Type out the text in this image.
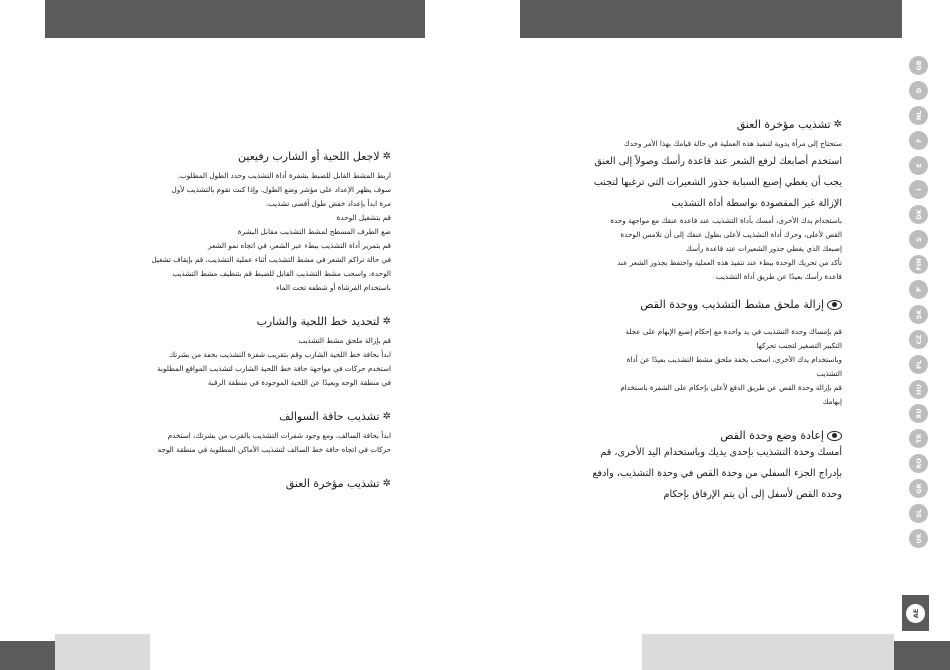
✲
لاجعل اللحية أو الشارب رفيعين

اربط المشط القابل للضبط بشفرة أداة التشذيب وحدد الطول المطلوب.

سوف يظهر الإعداد على مؤشر وضع الطول. وإذا كنت تقوم بالتشذيب لأول

مرة ابدأ بإعداد خفض طول أقصى تشذيب.

قم بتشغيل الوحدة

ضع الطرف المسطح لمشط التشذيب مقابل البشرة

قم بتمرير أداة التشذيب ببطء عبر الشعر، في اتجاه نمو الشعر

في حالة تراكم الشعر في مشط التشذيب أثناء عملية التشذيب، قم بإيقاف تشغيل

الوحدة، واسحب مشط التشذيب القابل للضبط قم بتنظيف مشط التشذيب

باستخدام الفرشاة أو شطفه تحت الماء

✲
لتحديد خط اللحية والشارب

قم بإزالة ملحق مشط التشذيب

ابدأ بحافة خط اللحية الشارب وقم بتقريب شفرة التشذيب بخفة من بشرتك

استخدم حركات في مواجهة حافة خط اللحية الشارب لتشذيب المواقع المطلوبة

في منطقة الوجه وبعيدًا عن اللحية الموجودة في منطقة الرقبة

✲
تشذيب حافة السوالف

ابدأ بحافة السالف، ومع وجود شفرات التشذيب بالقرب من بشرتك، استخدم

حركات في اتجاه حافة خط السالف لتشذيب الأماكن المطلوبة في منطقة الوجه

✲
تشذيب مؤخرة العنق
✲
تشذيب مؤخرة العنق

ستحتاج إلى مرآة يدوية لتنفيذ هذه العملية في حالة قيامك بهذا الأمر وحدك

استخدم أصابعك لرفع الشعر عند قاعدة رأسك وصولاً إلى العنق

يجب أن يغطي إصبع السبابة جذور الشعيرات التي ترغبها لتجنب

الإزالة غير المقصودة بواسطة أداة التشذيب

باستخدام يدك الأخرى، أمسك بأداة التشذيب عند قاعدة عنقك مع مواجهة وحدة

القص لأعلى، وحرك أداة التشذيب لأعلى بطول عنقك إلى أن تلامس الوحدة

إصبعك الذي يغطي جذور الشعيرات عند قاعدة رأسك

تأكد من تحريك الوحدة ببطء عند تنفيذ هذه العملية واحتفظ بجذور الشعر عند

قاعدة رأسك بعيدًا عن طريق أداة التشذيب

إزالة ملحق مشط التشذيب ووحدة القص

قم بإمساك وحدة التشذيب في يد واحدة مع إحكام إصبع الإبهام على عجلة

التكبير التصغير لتجنب تحركها

وباستخدام يدك الأخرى، اسحب بخفة ملحق مشط التشذيب بعيدًا عن أداة

التشذيب

قم بإزالة وحدة القص عن طريق الدفع لأعلى بإحكام على الشفرة باستخدام

إبهامك

إعادة وضع وحدة القص

أمسك وحدة التشذيب بإحدى يديك وباستخدام اليد الأخرى، قم

بإدراج الجزء السفلي من وحدة القص في وحدة التشذيب، وادفع

وحدة القص لأسفل إلى أن يتم الإرفاق بإحكام

GB
D
NL
F
E
I
DK
S
FIN
P
SK
CZ
PL
HU
RU
TR
RO
GR
SL
UK
AE
